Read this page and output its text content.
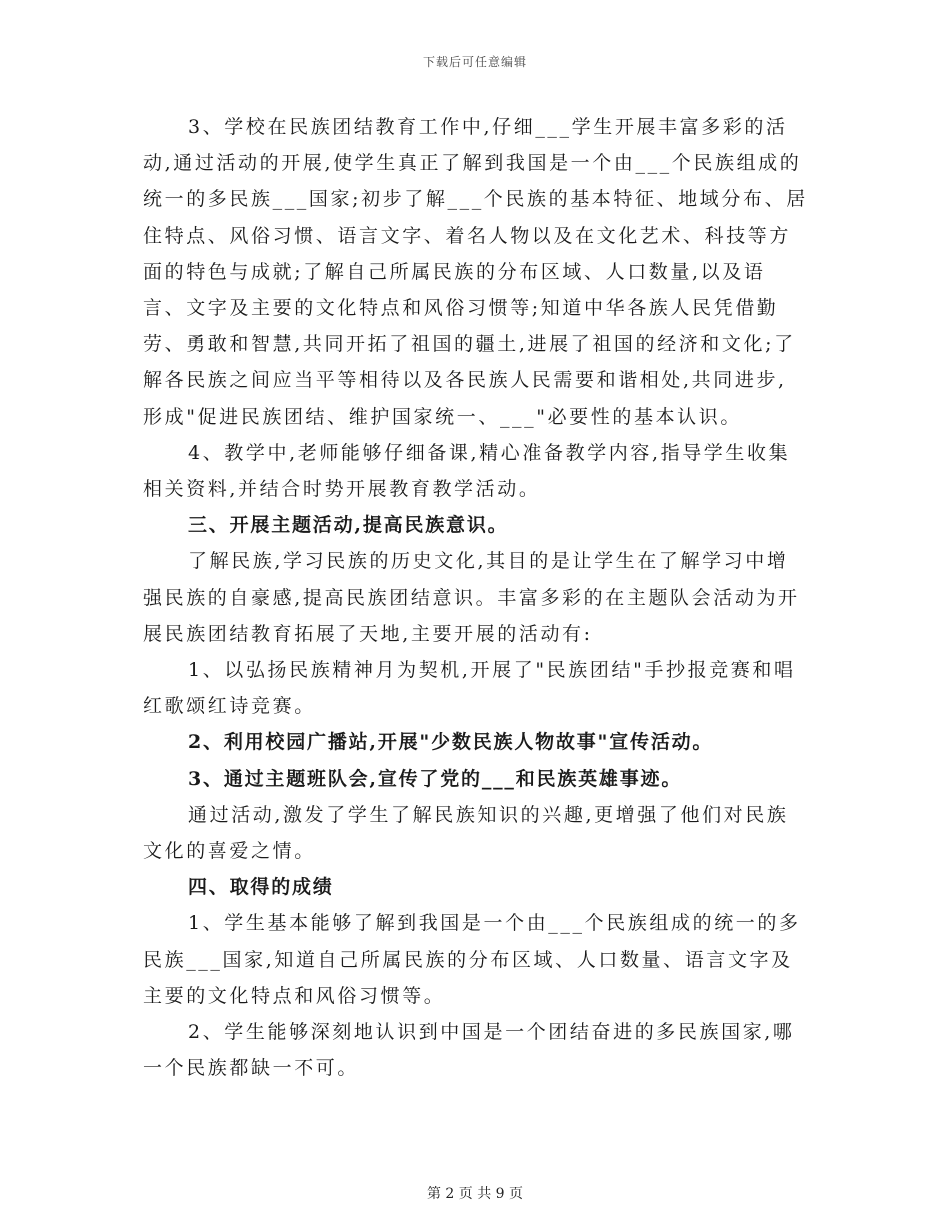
下载后可任意编辑

3、学校在民族团结教育工作中,仔细___学生开展丰富多彩的活动,通过活动的开展,使学生真正了解到我国是一个由___个民族组成的统一的多民族___国家;初步了解___个民族的基本特征、地域分布、居住特点、风俗习惯、语言文字、着名人物以及在文化艺术、科技等方面的特色与成就;了解自己所属民族的分布区域、人口数量,以及语言、文字及主要的文化特点和风俗习惯等;知道中华各族人民凭借勤劳、勇敢和智慧,共同开拓了祖国的疆土,进展了祖国的经济和文化;了解各民族之间应当平等相待以及各民族人民需要和谐相处,共同进步,形成"促进民族团结、维护国家统一、___"必要性的基本认识。

4、教学中,老师能够仔细备课,精心准备教学内容,指导学生收集相关资料,并结合时势开展教育教学活动。

三、开展主题活动,提高民族意识。

了解民族,学习民族的历史文化,其目的是让学生在了解学习中增强民族的自豪感,提高民族团结意识。丰富多彩的在主题队会活动为开展民族团结教育拓展了天地,主要开展的活动有:

1、以弘扬民族精神月为契机,开展了"民族团结"手抄报竞赛和唱红歌颂红诗竞赛。

2、利用校园广播站,开展"少数民族人物故事"宣传活动。

3、通过主题班队会,宣传了党的___和民族英雄事迹。

通过活动,激发了学生了解民族知识的兴趣,更增强了他们对民族文化的喜爱之情。

四、取得的成绩

1、学生基本能够了解到我国是一个由___个民族组成的统一的多民族___国家,知道自己所属民族的分布区域、人口数量、语言文字及主要的文化特点和风俗习惯等。

2、学生能够深刻地认识到中国是一个团结奋进的多民族国家,哪一个民族都缺一不可。

第 2 页 共 9 页
